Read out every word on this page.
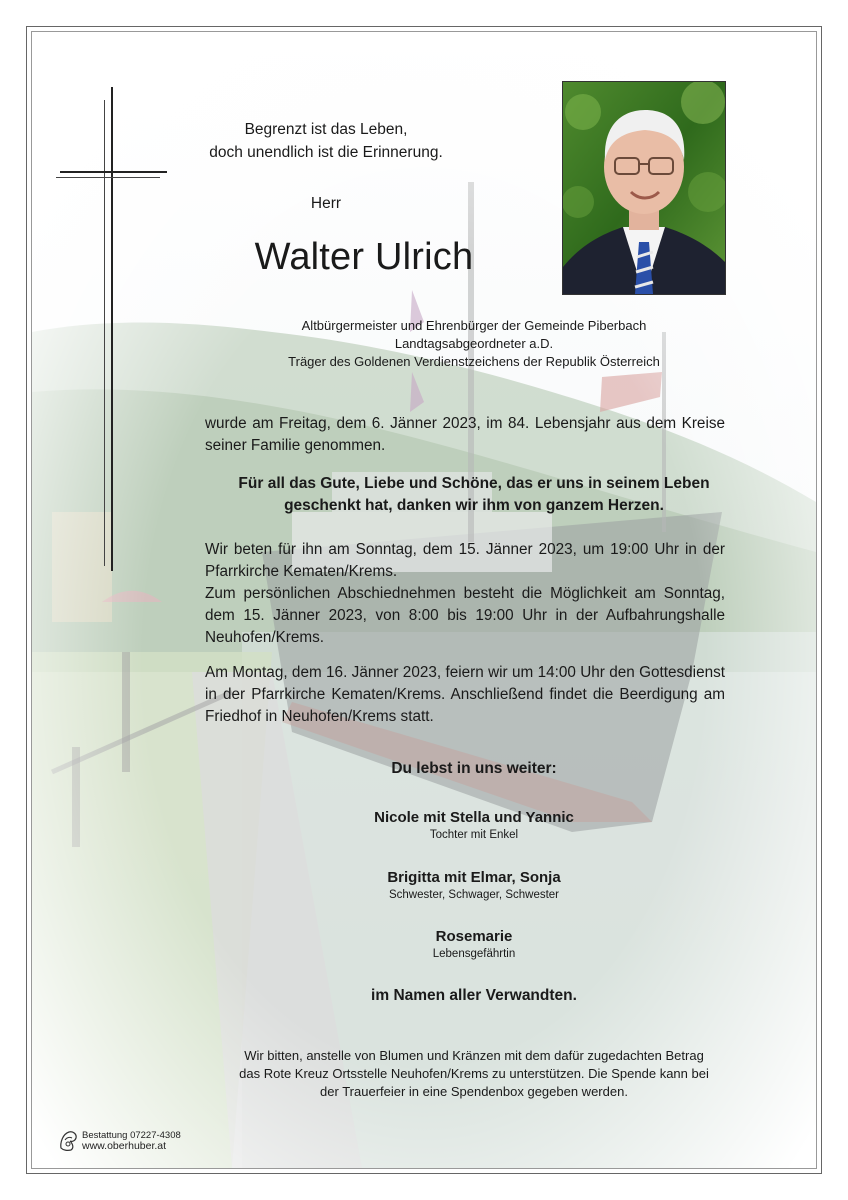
Begrenzt ist das Leben,
doch unendlich ist die Erinnerung.
Herr
Walter Ulrich
Altbürgermeister und Ehrenbürger der Gemeinde Piberbach
Landtagsabgeordneter a.D.
Träger des Goldenen Verdienstzeichens der Republik Österreich
wurde am Freitag, dem 6. Jänner 2023, im 84. Lebensjahr aus dem Kreise seiner Familie genommen.
Für all das Gute, Liebe und Schöne, das er uns in seinem Leben
geschenkt hat, danken wir ihm von ganzem Herzen.
Wir beten für ihn am Sonntag, dem 15. Jänner 2023, um 19:00 Uhr in der Pfarrkirche Kematen/Krems.
Zum persönlichen Abschiednehmen besteht die Möglichkeit am Sonntag, dem 15. Jänner 2023, von 8:00 bis 19:00 Uhr in der Aufbahrungshalle Neuhofen/Krems.
Am Montag, dem 16. Jänner 2023, feiern wir um 14:00 Uhr den Gottesdienst in der Pfarrkirche Kematen/Krems. Anschließend findet die Beerdigung am Friedhof in Neuhofen/Krems statt.
Du lebst in uns weiter:
Nicole mit Stella und Yannic
Tochter mit Enkel
Brigitta mit Elmar, Sonja
Schwester, Schwager, Schwester
Rosemarie
Lebensgefährtin
im Namen aller Verwandten.
Wir bitten, anstelle von Blumen und Kränzen mit dem dafür zugedachten Betrag
das Rote Kreuz Ortsstelle Neuhofen/Krems zu unterstützen. Die Spende kann bei
der Trauerfeier in eine Spendenbox gegeben werden.
Bestattung 07227-4308
www.oberhuber.at
